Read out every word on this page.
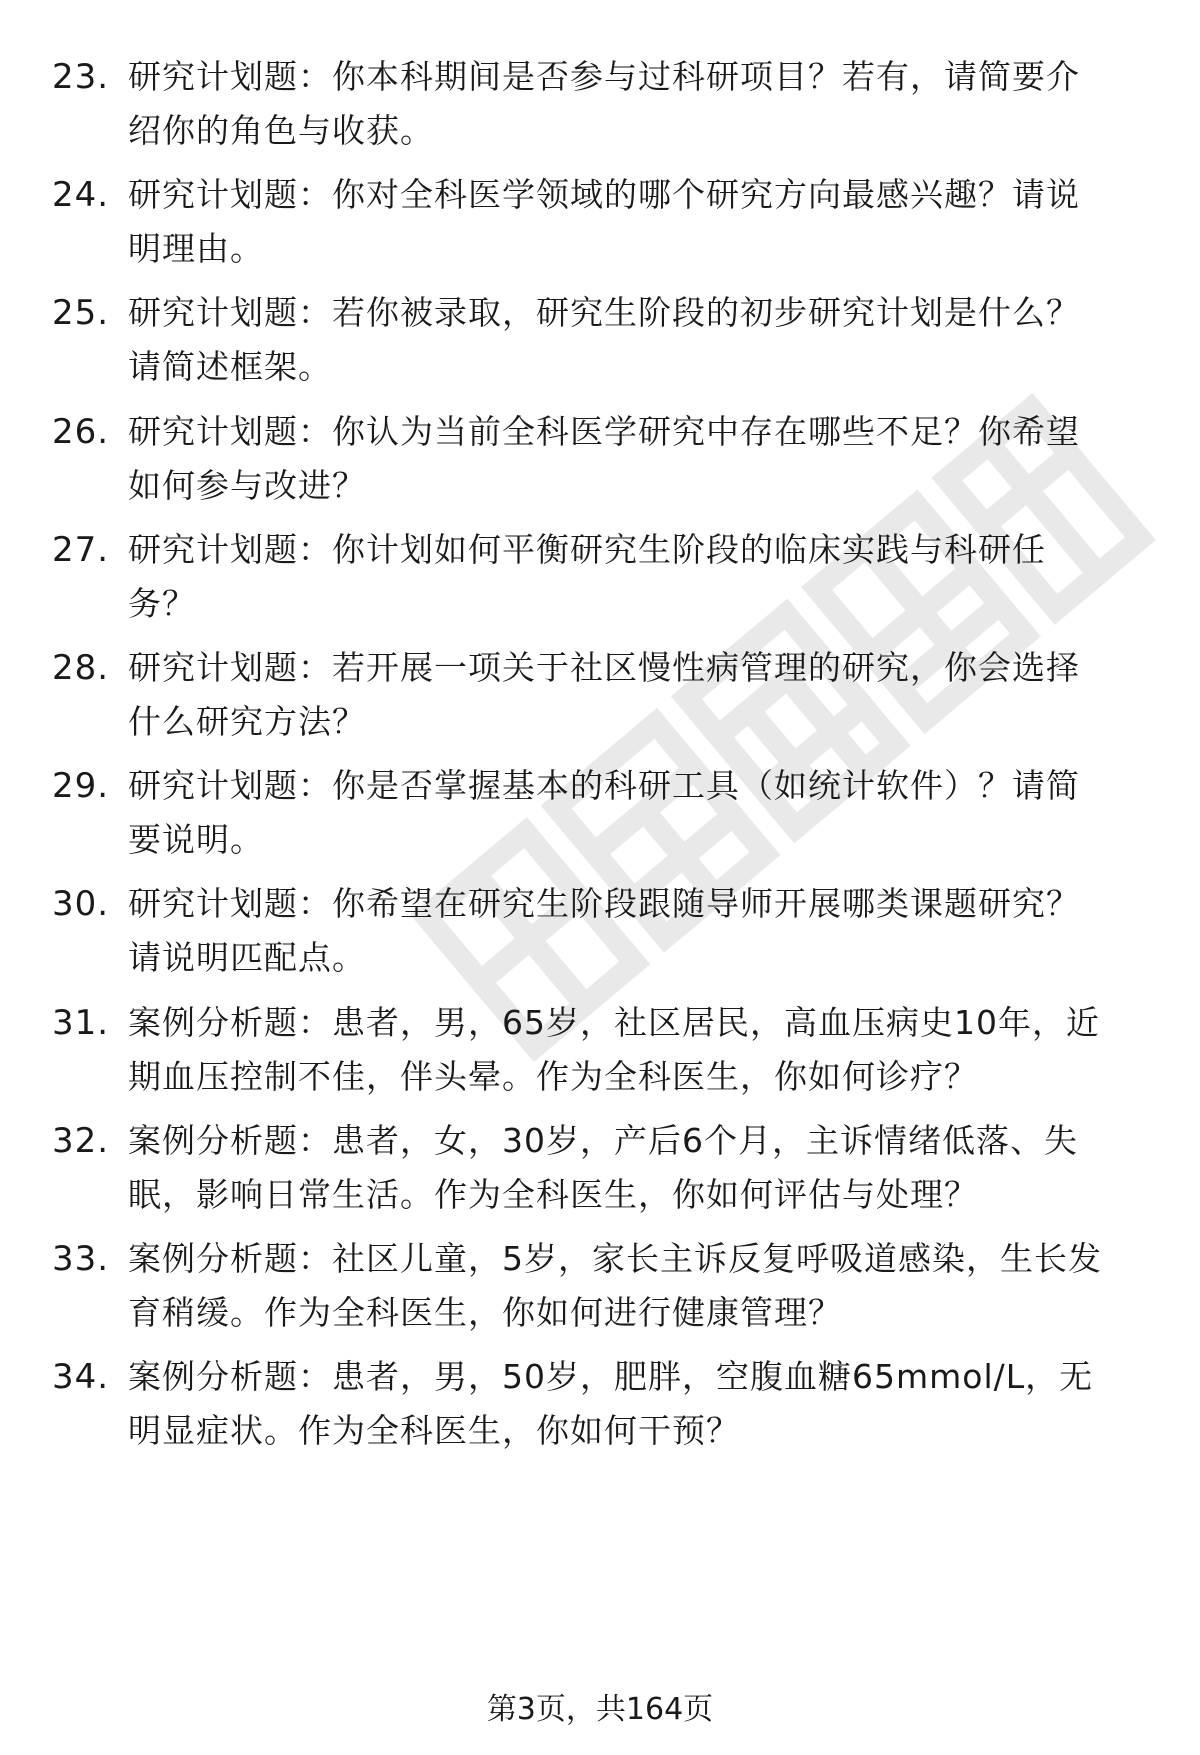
23. 研究计划题：你本科期间是否参与过科研项目？若有，请简要介
绍你的角色与收获。

24. 研究计划题：你对全科医学领域的哪个研究方向最感兴趣？请说
明理由。

25. 研究计划题：若你被录取，研究生阶段的初步研究计划是什么？
请简述框架。

26. 研究计划题：你认为当前全科医学研究中存在哪些不足？你希望
如何参与改进？

27. 研究计划题：你计划如何平衡研究生阶段的临床实践与科研任
务？

28. 研究计划题：若开展一项关于社区慢性病管理的研究，你会选择
什么研究方法？

29. 研究计划题：你是否掌握基本的科研工具（如统计软件）？请简
要说明。

30. 研究计划题：你希望在研究生阶段跟随导师开展哪类课题研究？
请说明匹配点。

31. 案例分析题：患者，男，65岁，社区居民，高血压病史10年，近
期血压控制不佳，伴头晕。作为全科医生，你如何诊疗？

32. 案例分析题：患者，女，30岁，产后6个月，主诉情绪低落、失
眠，影响日常生活。作为全科医生，你如何评估与处理？

33. 案例分析题：社区儿童，5岁，家长主诉反复呼吸道感染，生长发
育稍缓。作为全科医生，你如何进行健康管理？

34. 案例分析题：患者，男，50岁，肥胖，空腹血糖65mmol/L，无
明显症状。作为全科医生，你如何干预？

第3页，共164页
